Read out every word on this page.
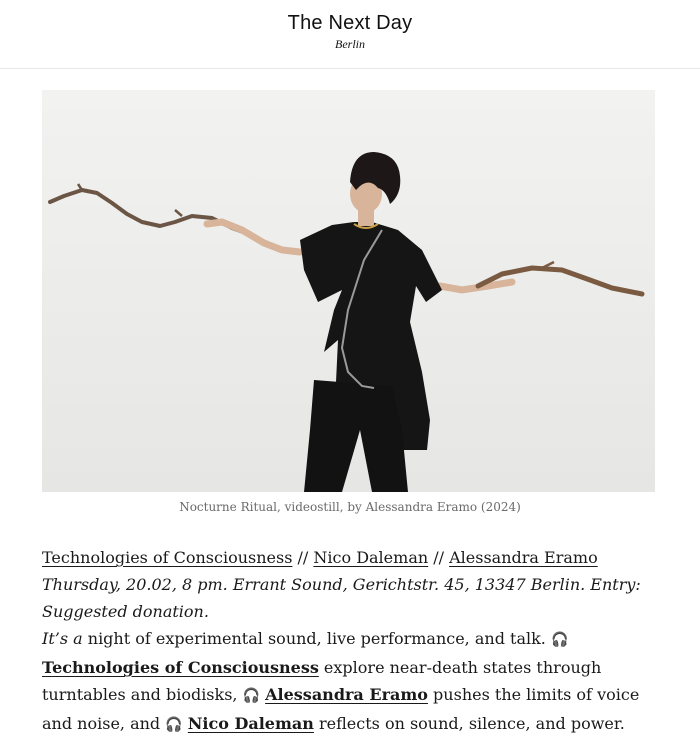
The Next Day
Berlin
Nocturne Ritual, videostill, by Alessandra Eramo (2024)

Technologies of Consciousness // Nico Daleman // Alessandra Eramo

Thursday, 20.02, 8 pm. Errant Sound, Gerichtstr. 45, 13347 Berlin. Entry: Suggested donation.

It’s a night of experimental sound, live performance, and talk. 🎧 Technologies of Consciousness explore near-death states through turntables and biodisks, 🎧 Alessandra Eramo pushes the limits of voice and noise, and 🎧 Nico Daleman reflects on sound, silence, and power.
